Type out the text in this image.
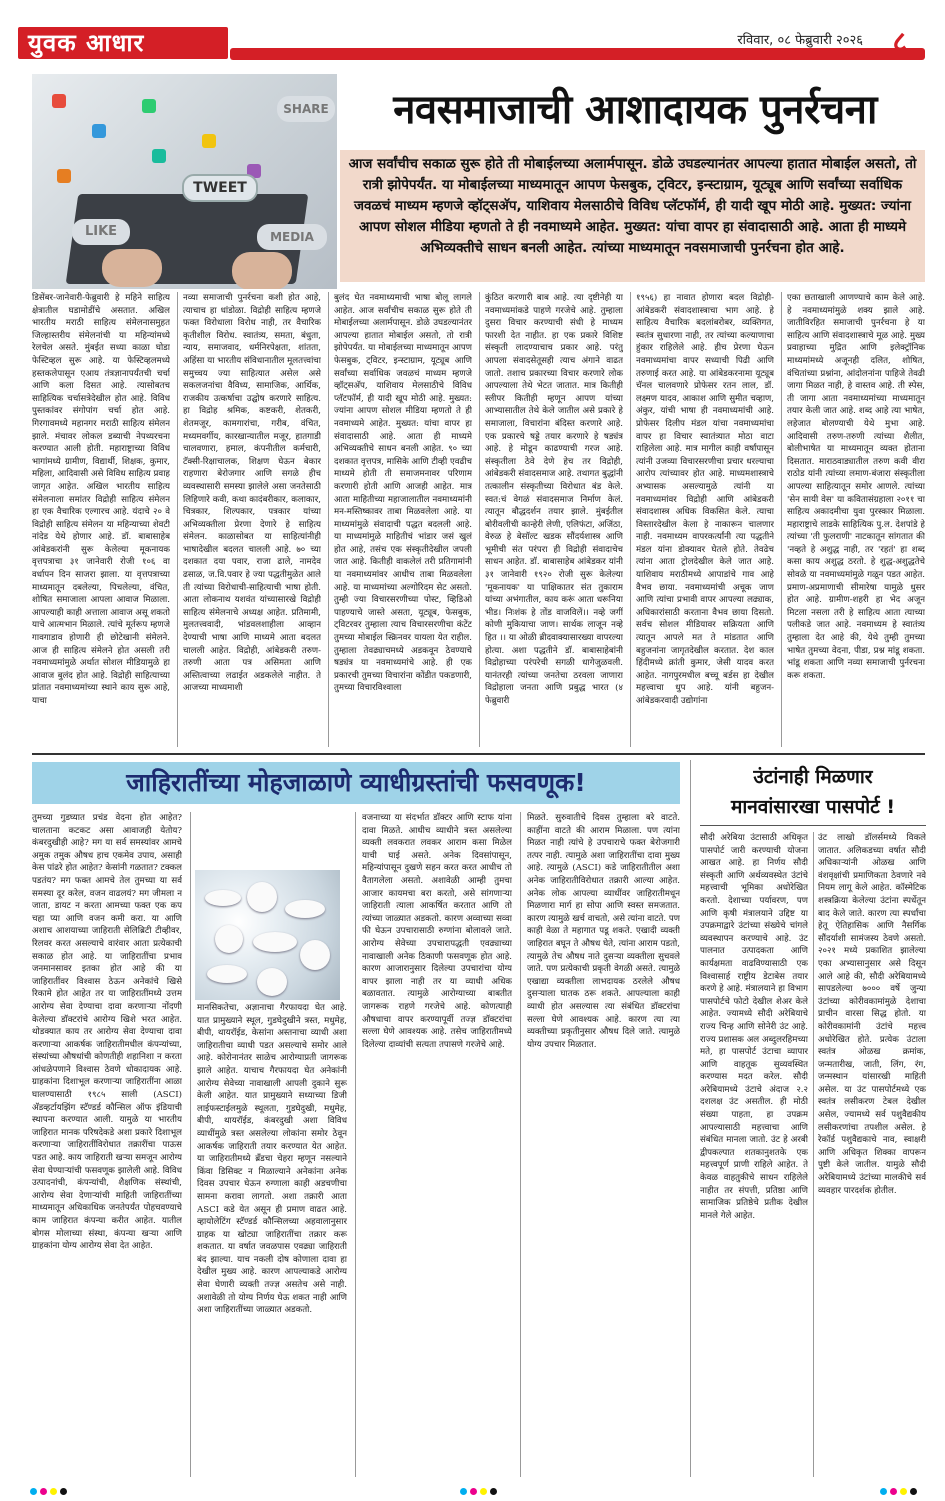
युवक आधार	रविवार, ०८ फेब्रुवारी २०२६ ८
SHARE
TWEET
LIKE	MEDIA
नवसमाजाची आशादायक पुनर्रचना
आज सर्वांचीच सकाळ सुरू होते ती मोबाईलच्या अलार्मपासून. डोळे उघडल्यानंतर आपल्या हातात मोबाईल असतो, तो रात्री झोपेपर्यंत. या मोबाईलच्या माध्यमातून आपण फेसबुक, ट्विटर, इन्स्टाग्राम, यूट्यूब आणि सर्वांच्या सर्वाधिक जवळचं माध्यम म्हणजे व्हॉट्सअ‍ॅप, याशिवाय मेलसाठीचे विविध प्लॅटफॉर्म, ही यादी खूप मोठी आहे. मुख्यत: ज्यांना आपण सोशल मीडिया म्हणतो ते ही नवमाध्यमे आहेत. मुख्यत: यांचा वापर हा संवादासाठी आहे. आता ही माध्यमे अभिव्यक्तीचे साधन बनली आहेत. त्यांच्या माध्यमातून नवसमाजाची पुनर्रचना होत आहे.
डिसेंबर-जानेवारी-फेब्रुवारी हे महिने साहित्य क्षेत्रातील घडामोडींचे असतात. अखिल भारतीय मराठी साहित्य संमेलनासमुहत जिल्हास्तरीय संमेलनांची या महिन्यांमध्ये रेलचेल असते. मुंबईत सध्या काळा घोडा फेस्टिव्हल सुरू आहे. या फेस्टिव्हलमध्ये हस्तकलेपासून एआय तंत्रज्ञानापर्यंतची चर्चा आणि कला दिसत आहे. त्यासोबतच साहित्यिक चर्चासत्रेदेखील होत आहे. विविध पुस्तकांवर संगोपांग चर्चा होत आहे. गिरगावमध्ये महानगर मराठी साहित्य संमेलन झाले. मंचावर लोकल डब्याची नेपथ्यरचना करण्यात आली होती. महाराष्ट्राच्या विविध भागांमध्ये ग्रामीण, विद्यार्थी, शिक्षक, कुमार, महिला, आदिवासी असे विविध साहित्य प्रवाह जागृत आहेत. अखिल भारतीय साहित्य संमेलनाला समांतर विद्रोही साहित्य संमेलन हा एक वैचारिक एल्गारच आहे. यंदाचे २० वे विद्रोही साहित्य संमेलन या महिन्याच्या शेवटी नांदेड येथे होणार आहे. डॉ. बाबासाहेब आंबेडकरांनी सुरू केलेल्या मूकनायक वृत्तपत्राचा ३१ जानेवारी रोजी १०६ वा वर्धापन दिन साजरा झाला. या वृत्तपत्राच्या माध्यमातून दबलेल्या, पिचलेल्या, वंचित, शोषित समाजाला आपला आवाज मिळाला. आपल्याही काही अत्ताला आवाज असू शकतो याचे आत्मभान मिळाले. त्यांचे मूर्तरूप म्हणजे गावगाडाव होणारी ही छोटेखानी संमेलने. आज ही साहित्य संमेलने होत असली तरी नवमाध्यमांमुळे अर्थात सोशल मीडियामुळे हा आवाज बुलंद होत आहे. विद्रोही साहित्याच्या प्रांतात नवमाध्यमांच्या स्थाने काय सुरू आहे, याचा
नव्या समाजाची पुनर्रचना कशी होत आहे, त्याचाच हा धांडोळा. विद्रोही साहित्य म्हणजे फक्त विरोधाला विरोध नाही, तर वैचारिक कृतीशील विरोध. स्वातंत्र्य, समता, बंधुता, न्याय, समाजवाद, धर्मनिरपेक्षता, शांतता, अहिंसा या भारतीय संविधानातील मूलतत्त्वांचा समुच्चय ज्या साहित्यात असेल असे सकलजनांचा वैविध्य, सामाजिक, आर्थिक, राजकीय उत्कर्षाचा उद्घोष करणारे साहित्य. हा विद्रोह श्रमिक, कष्टकरी, शेतकरी, शेतमजूर, कामगारांचा, गरीब, वंचित, मध्यमवर्गीय, कारखान्यातील मजूर, हातगाडी चालवणारा, हमाल, कंपनीतील कर्मचारी, टॅक्सी-रिक्षाचालक, शिक्षण घेऊन बेकार राहणारा बेरोजगार आणि सगळे हीच व्यवस्थासारी समस्या झालेले असा जनतेसाठी लिहिणारे कवी, कथा कादंबरीकार, कलाकार, चित्रकार, शिल्पकार, पत्रकार यांच्या अभिव्यक्तीला प्रेरणा देणारे हे साहित्य संमेलन. काळासोबत या साहित्यांनीही भाषादेखील बदलत चालली आहे. ७० च्या दशकात दया पवार, राजा ढाले, नामदेव ढसाळ, ज.वि.पवार हे ज्या पद्धतीमुळेत आले ती त्यांच्या विरोधाची-साहित्याची भाषा होती. आता लोकनाथ यशवंत यांच्यासारखे विद्रोही साहित्य संमेलनाचे अध्यक्ष आहेत. प्रतिमामी, मुलतत्त्ववादी, भांडवलशाहीला आव्हान देण्याची भाषा आणि माध्यमे आता बदलत चालली आहेत. विद्रोही, आंबेडकरी तरुण-तरुणी आता पत्र असिमता आणि अस्तित्वाच्या लढाईत अडकलेले नाहीत. ते आजच्या माध्यमाशी
बुलंद घेत नवमाध्यमाची भाषा बोलू लागले आहेत. आज सर्वांचीच सकाळ सुरू होते ती मोबाईलच्या अलार्मपासून. डोळे उघडल्यानंतर आपल्या हातात मोबाईल असतो, तो रात्री झोपेपर्यंत. या मोबाईलच्या माध्यमातून आपण फेसबुक, ट्विटर, इन्स्टाग्राम, यूट्यूब आणि सर्वांच्या सर्वाधिक जवळचं माध्यम म्हणजे व्हॉट्सअ‍ॅप, याशिवाय मेलसाठीचे विविध प्लॅटफॉर्म, ही यादी खूप मोठी आहे. मुख्यत: ज्यांना आपण सोशल मीडिया म्हणतो ते ही नवमाध्यमे आहेत. मुख्यत: यांचा वापर हा संवादासाठी आहे. आता ही माध्यमे अभिव्यक्तीचे साधन बनली आहेत. ९० च्या दशकात वृत्तपत्र, मासिके आणि टीव्ही एवढीच माध्यमे होती ती समाजमनावर परिणाम करणारी होती आणि आजही आहेत. मात्र आता माहितीच्या महाजालातील नवमाध्यमांनी मन-मस्तिष्कावर ताबा मिळवलेला आहे. या माध्यमांमुळे संवादाची पद्धत बदलली आहे. या माध्यमांमुळे माहितीचं भांडार जसं खुलं होत आहे, तसंच एक संस्कृतीदेखील जपली जात आहे. कितीही वाकलेलं तरी प्रतिगामांनी या नवमाध्यमांवर आधीच ताबा मिळवलेला आहे. या माध्यमांच्या अल्गोरिदम सेट असतो. तुम्ही ज्या विचारसरणीच्या पोस्ट, व्हिडिओ पाहण्याचे जास्ते असता, यूट्यूब, फेसबुक, ट्विटरवर तुम्हाला त्याच विचारसरणीचा कंटेंट तुमच्या मोबाईल स्क्रिनवर यायला येत राहील. तुम्हाला तेवढ्याचमध्ये अडकवून ठेवण्याचे षड्यंत्र या नवमाध्यमांचे आहे. ही एक प्रकारची तुमच्या विचारांना कोंडीत पकडणारी, तुमच्या विचारविश्वाला
कुंठित करणारी बाब आहे. त्या दृष्टीनेही या नवमाध्यमांकडे पाहणे गरजेचे आहे. तुम्हाला दुसरा विचार करण्याची संधी हे माध्यम फारशी देत नाहीत. हा एक प्रकारे विशिष्ट संस्कृती लादण्याचाच प्रकार आहे. परंतु आपला संवादसेतूसही त्याच अंगाने वाढत जातो. तशाच प्रकारच्या विचार करणारे लोक आपल्याला तेथे भेटत जातात. मात्र कितीही स्लीपर कितीही म्हणून आपण यांच्या आभ्यासातील तेथे केले जातील असे प्रकारे हे समाजाला, विचारांना बंदिस्त करणारे आहे. एक प्रकारचे षड्डे तयार करणारे हे षड्यंत्र आहे. हे मोडून काढण्याची गरज आहे. संस्कृतीला ठेवे देणे हेच तर विद्रोही, आंबेडकरी संवादसमाज आहे. तथागत बुद्धांनी तत्कालीन संस्कृतीच्या विरोधात बंड केले. स्वत:चं वेगळं संवादसमाज निर्माण केलं. त्यातून बौद्धदर्शन तयार झाले. मुंबईतील बोरीवलीची कान्हेरी लेणी, एलिफंटा, अजिंठा, वेरुळ हे बेसॉल्ट खडक सौंदर्यशास्त्र आणि भूमीची संत परंपरा ही विद्रोही संवादाचेच साधन आहेत. डॉ. बाबासाहेब आंबेडकर यांनी ३१ जानेवारी १९२० रोजी सुरू केलेल्या 'मूकनायक' या पाक्षिकातर संत तुकाराम यांच्या अभंगातील, काय करूं आता धरूनिया भीड। निःशंक हे तोंड वाजविलें।। नव्हे जगीं कोणी मुकियाचा जाण। सार्थक लाजून नव्हे हित ।। या ओळी ब्रीदवाक्यासारख्या वापरल्या होत्या. अशा पद्धतीने डॉ. बाबासाहेबांनी विद्रोहाच्या परंपरेची सगळी धागेजुळवली. यानंतरही त्यांच्या जनतेचा ठरवला जाणारा विद्रोहाला जनता आणि प्रबुद्ध भारत (४ फेब्रुवारी
१९५६) हा नावात होणारा बदल विद्रोही-आंबेडकरी संवादशास्त्राचा भाग आहे. हे साहित्य वैचारिक बदलांबरोबर, व्यक्तिगत, स्वतंत्र सुधारणा नाही, तर त्यांच्या कल्याणाचा हुंकार राहिलेले आहे. हीच प्रेरणा घेऊन नवमाध्यमांचा वापर सध्याची पिढी आणि तरुणाई करत आहे. या आंबेडकरनामा यूट्यूब चॅनल चालवणारे प्रोफेसर रतन लाल, डॉ. लक्ष्मण यादव, आकाश आणि सुमीत चव्हाण, अंकुर, यांची भाषा ही नवमाध्यमांची आहे. प्रोफेसर दिलीप मंडल यांचा नवमाध्यमांचा वापर हा विचार स्वातंत्र्यात मोठा वाटा राहिलेला आहे. मात्र मागील काही वर्षांपासून त्यांनी उजव्या विचारसरणीचा प्रचार धरल्याचा आरोप त्यांच्यावर होत आहे. माध्यमशास्त्राचे अभ्यासक असल्यामुळे त्यांनी या नवमाध्यमांवर विद्रोही आणि आंबेडकरी संवादशास्त्र अधिक विकसित केले. त्याचा विस्तारदेखील केला हे नाकारून चालणार नाही. नवमाध्यम वापरकर्त्यांनी त्या पद्धतीने मंडल यांना डोक्यावर घेतले होते. तेवढेच त्यांना आता ट्रोलदेखील केले जात आहे. याशिवाय मराठीमध्ये आपाडांचे गाव आहे वैभव छाया. नवमाध्यमांची अचूक जाण आणि त्यांचा प्रभावी वापर आपल्या लढ्याक, अधिकारांसाठी करताना वैभव छाया दिसतो. सर्वच सोशल मीडियावर सक्रियता आणि त्यातून आपले मत ते मांडतात आणि बहुजनांना जागृतदेखील करतात. देश काल हिंदीमध्ये क्रांती कुमार, जेसी यादव करत आहेत. नागपुरमधील बच्चू बर्डस हा देखील महत्त्वाचा धुप आहे. यांनी बहुजन-आंबेडकरवादी उद्योगांना
एका छताखाली आणण्याचे काम केले आहे. हे नवमाध्यमांमुळे शक्य झाले आहे. जातीविरहित समाजाची पुनर्रचना हे या साहित्य आणि संवादशास्त्राचे मूळ आहे. मुख्य प्रवाहाच्या मुद्रित आणि इलेक्ट्रॉनिक माध्यमांमध्ये अजूनही दलित, शोषित, वंचितांच्या प्रश्नांना, आंदोलनांना पाहिजे तेवढी जागा मिळत नाही, हे वास्तव आहे. ती स्पेस, ती जागा आता नवमाध्यमांच्या माध्यमातून तयार केली जात आहे. शब्द आहे त्या भाषेत, लहेजात बोलण्याची येथे मुभा आहे. आदिवासी तरुण-तरुणी त्यांच्या शैलीत, बोलीभाषेत या माध्यमातून व्यक्त होताना दिसतात. माराठवाड्यातील तरुण कवी वीरा राठोड यांनी त्यांच्या लमाण-बंजारा संस्कृतीला आपल्या साहित्यातून समोर आणले. त्यांच्या 'सेन सायी वेस' या कवितासंग्रहाला २०११ चा साहित्य अकादमीचा युवा पुरस्कार मिळाला. महाराष्ट्राचे लाडके साहित्यिक पु.ल. देशपांडे हे त्यांच्या 'ती फुलराणी' नाटकातून सांगतात की 'नव्हते हे अशुद्ध नाही, तर 'रहतं' हा शब्द कसा काय अशुद्ध ठरतो. हे शुद्ध-अशुद्धतेचे सोवळे या नवमाध्यमांमुळे गळून पडत आहेत. प्रमाण-अप्रमाणाची सीमारेषा यामुळे धुसर होत आहे. ग्रामीण-शहरी हा भेद अजून मिटला नसला तरी हे साहित्य आता त्याच्या पलीकडे जात आहे. नवमाध्यम हे स्वातंत्र्य तुम्हाला देत आहे की, येथे तुम्ही तुमच्या भाषेत तुमच्या वेदना, पीडा, प्रश्न मांडू शकता. भांडू शकता आणि नव्या समाजाची पुर्नरचना करू शकता.
जाहिरातींच्या मोहजाळाणे व्याधीग्रस्तांची फसवणूक!
तुमच्या गुडघ्यात प्रचंड वेदना होत आहेत? चालताना कटकट असा आवाजही येतोय? कंबरदुखीही आहे? मग या सर्व समस्यांवर आमचे अमुक तमुक औषध हाच एकमेव उपाय, असाही केस पांढरे होत आहेत? केसांनी गळतात? टक्कल पडतंय? मग फक्त आमचे तेल तुमच्या या सर्व समस्या दूर करेल, वजन वाढलयं? मग जीमला न जाता, डायट न करता आमच्या फक्त एक कप चहा प्या आणि वजन कमी करा. या आणि अशाच आशयाच्या जाहिराती सेलिब्रिटी टीव्हीवर, रिलवर करत असल्याचे वारंवार आता प्रत्येकाची सकाळ होत आहे. या जाहिरातींचा प्रभाव जनमानसावर इतका होत आहे की या जाहिरातींवर विश्वास ठेऊन अनेकांचे खिसे रिकामे होत आहेत तर या जाहिरातींमध्ये उत्तम आरोग्य सेवा देण्याचा दावा करणाऱ्या नोंदणी केलेल्या डॉक्टरांचे आरोग्य खिशे भरत आहेत. थोडक्यात काय तर आरोग्य सेवा देण्याचा दावा करणाऱ्या आकर्षक जाहिरातीमधील कंपन्यांच्या, संस्थांच्या औषधांची कोणतीही शहानिशा न करता आंधळेपणाने विश्वास ठेवणे धोकादायक आहे. ग्राहकांना दिशाभूल करणाऱ्या जाहिरातींना आळा घालण्यासाठी १९८५ साली (ASCI) अ‍ॅडव्हर्टायझिंग स्टॅण्डर्ड कौन्सिल ऑफ इंडियाची स्थापना करण्यात आली. यामुळे या भारतीय जाहिरात मानक परिषदेकडे अशा प्रकारे दिशाभूल करणाऱ्या जाहिरातींविरोधात तक्रारींचा पाऊस पडत आहे. काय जाहिराती खऱ्या समजून आरोग्य सेवा घेण्याऱ्यांची फसवणूक झालेली आहे. विविध उत्पादनांची, कंपन्यांची, शैक्षणिक संस्थांची, आरोग्य सेवा देणाऱ्यांची माहिती जाहिरातींच्या माध्यमातून अधिकाधिक जनतेपर्यंत पोहचवण्याचे काम जाहिरात कंपन्या करीत आहेत. यातील बोगस मोलाच्या संस्था, कंपन्या खऱ्या आणि ग्राहकांना योग्य आरोग्य सेवा देत आहेत.
मानसिकतेचा, अज्ञानाचा गैरफायदा घेत आहे. यात प्रामुख्याने स्थूल, गुडघेदुखीने त्रस्त, मधुमेह, बीपी, थायरॉईड, केसांना अस्तनाचा व्याधी अशा जाहिरातीचा व्याधी पडत असल्याचे समोर आले आहे. कोरोनानंतर साळेच आरोग्याप्रती जागरूक झाले आहेत. याचाच गैरफायदा घेत अनेकांनी आरोग्य सेवेच्या नावाखाली आपली दुकाने सुरू केली आहेत. यात प्रामुख्याने सध्याच्या डिजी लाईफस्टाईलमुळे स्थूलता, गुडघेदुखी, मधुमेह, बीपी, थायरॉईड, कंबरदुखी अशा विविध व्याधींमुळे त्रस्त असलेल्या लोकांना समोर ठेवून आकर्षक जाहिराती तयार करण्यात येत आहेत. या जाहिरातीमध्ये ब्रँडचा चेहरा म्हणून नसल्याने किंवा डिसिक्ट न मिळाल्याने अनेकांना अनेक दिवस उपचार घेऊन रुग्णाला काही अडचणीचा सामना करावा लागतो. अशा तक्रारी आता ASCI कडे येत असून ही प्रमाण वाढत आहे. व्हायोलेटिंग स्टॅण्डर्ड कौन्सिलच्या अहवालानुसार ग्राहक या खोट्या जाहिरातींचा तक्रार करू शकतात. या वर्षात जवळपास एवढ्या जाहिराती बंद झाल्या. याच नकली दोष कोणाला दावा हा देखील मुख्य आहे. कारण आपल्याकडे आरोग्य सेवा घेणारी व्यक्ती तज्ज्ञ असतेच असे नाही. अशावेळी तो योग्य निर्णय घेऊ शकत नाही आणि अशा जाहिरातींच्या जाळ्यात अडकतो.
वजनाच्या या संदर्भात डॉक्टर आणि स्टाफ यांना दावा मिळते. आधीच व्याधीने त्रस्त असलेल्या व्यक्ती लवकरात लवकर आराम कसा मिळेल याची घाई असते. अनेक दिवसांपासून, महिन्यांपासून दुखणे सहन करत करत आधीच तो वैतागलेला असतो. अशावेळी आम्ही तुमचा आजार कायमचा बरा करतो, असे सांगणाऱ्या जाहिराती त्याला आकर्षित करतात आणि तो त्यांच्या जाळ्यात अडकतो. कारण अव्वाच्या सव्वा फी घेऊन उपचारासाठी रुग्णांना बोलावले जाते. आरोग्य सेवेच्या उपचारापद्धती एवढ्याच्या नावाखाली अनेक ठिकाणी फसवणूक होत आहे. कारण आजारानुसार दिलेल्या उपचारांचा योग्य वापर झाला नाही तर या व्याधी अधिक बळावतात. त्यामुळे आरोग्याच्या बाबतीत जागरूक राहणे गरजेचे आहे. कोणत्याही औषधाचा वापर करण्यापूर्वी तज्ज्ञ डॉक्टरांचा सल्ला घेणे आवश्यक आहे. तसेच जाहिरातीमध्ये दिलेल्या दाव्यांची सत्यता तपासणे गरजेचे आहे.
मिळते. सुरुवातीचे दिवस तुम्हाला बरे वाटते. काहींना वाटते की आराम मिळाला. पण त्यांना मिळत नाही त्यांचे हे उपचाराचे फक्त बेरोजगारी तत्पर नाही. त्यामुळे अशा जाहिरातींचा दावा मुख्य आहे. त्यामुळे (ASCI) कडे जाहिरातीतील अशा अनेक जाहिरातीविरोधात तक्रारी आल्या आहेत. अनेक लोक आपल्या व्याधींवर जाहिरातीमधून मिळणारा मार्ग हा सोपा आणि स्वस्त समजतात. कारण त्यामुळे खर्च वाचतो, असे त्यांना वाटते. पण काही वेळा ते महागात पडू शकते. एखादी व्यक्ती जाहिरात बघून ते औषध घेते, त्यांना आराम पडतो, त्यामुळे तेच औषध नाते दुसऱ्या व्यक्तीला सुचवले जाते. पण प्रत्येकाची प्रकृती वेगळी असते. त्यामुळे एखाद्या व्यक्तीला लाभदायक ठरलेले औषध दुसऱ्याला घातक ठरू शकते. आपल्याला काही व्याधी होत असल्यास त्या संबंधित डॉक्टरांचा सल्ला घेणे आवश्यक आहे. कारण त्या त्या व्यक्तीच्या प्रकृतीनुसार औषध दिले जाते. त्यामुळे योग्य उपचार मिळतात.
उंटांनाही मिळणार
मानवांसारखा पासपोर्ट !
सौदी अरेबिया उंटासाठी अधिकृत पासपोर्ट जारी करण्याची योजना आखत आहे. हा निर्णय सौदी संस्कृती आणि अर्थव्यवस्थेत उंटांचे महत्त्वाची भूमिका अधोरेखित करतो. देशाच्या पर्यावरण, पण आणि कृषी मंत्रालयाने उद्दिष्ट या उपक्रमाद्वारे उंटांच्या संख्येचे चांगले व्यवस्थापन करण्याचे आहे. उंट पालनात उत्पादकता आणि कार्यक्षमता वाढविण्यासाठी एक विश्वासार्ह राष्ट्रीय डेटाबेस तयार करणे हे आहे. मंत्रालयाने हा विभाग पासपोर्टचे फोटो देखील शेअर केले आहेत. ज्यामध्ये सौदी अरेबियाचे राज्य चिन्ह आणि सोनेरी उंट आहे. राज्य प्रशासक अल अब्दुलरहिमच्या मते, हा पासपोर्ट उंटाचा व्यापार आणि वाहतूक सुव्यवस्थित करण्यास मदत करेल. सौदी अरेबियामध्ये उंटाचे अंदाज २.२ दशलक्ष उंट असतील. ही मोठी संख्या पाहता, हा उपक्रम आपल्यासाठी महत्त्वाचा आणि संबंधित मानला जातो. उंट हे अरबी द्वीपकल्पात शतकानुशतके एक महत्त्वपूर्ण प्राणी राहिले आहेत. ते केवळ वाहतुकीचे साधन राहिलेले नाहीत तर संपत्ती, प्रतिष्ठा आणि सामाजिक प्रतिष्ठेचे प्रतीक देखील मानले गेले आहेत.
उंट लाखो डॉलर्समध्ये विकले जातात. अलिकडच्या वर्षात सौदी अधिकाऱ्यांनी ओळख आणि वंशवृक्षांची प्रमाणिकता ठेवणारे नवे नियम लागू केले आहेत. कॉस्मेटिक शस्त्रक्रिया केलेल्या उंटांना स्पर्धेतून बाद केले जाते. कारण त्या स्पर्धांचा हेतू ऐतिहासिक आणि नैसर्गिक सौंदर्याशी सामंजस्य ठेवणे असतो. २०२१ मध्ये प्रकाशित झालेल्या एका अभ्यासानुसार असे दिसून आले आहे की, सौदी अरेबियामध्ये सापडलेल्या ७००० वर्षे जुन्या उंटांच्या कोरीवकामांमुळे देशाचा प्राचीन वारसा सिद्ध होतो. या कोरीवकामांनी उंटांचे महत्त्व अधोरेखित होते. प्रत्येक उंटाला स्वतंत्र ओळख क्रमांक, जन्मतारीख, जाती, लिंग, रंग, जन्मस्थान यांसारखी माहिती असेल. या उंट पासपोर्टमध्ये एक स्वतंत्र लसीकरण टेबल देखील असेल, ज्यामध्ये सर्व पशुवैद्यकीय लसीकरणांचा तपशील असेल. हे रेकॉर्ड पशुवैद्यकाचे नाव, स्वाक्षरी आणि अधिकृत शिक्का वापरून पुष्टी केले जातील. यामुळे सौदी अरेबियामध्ये उंटांच्या मालकीचे सर्व व्यवहार पारदर्शक होतील.
